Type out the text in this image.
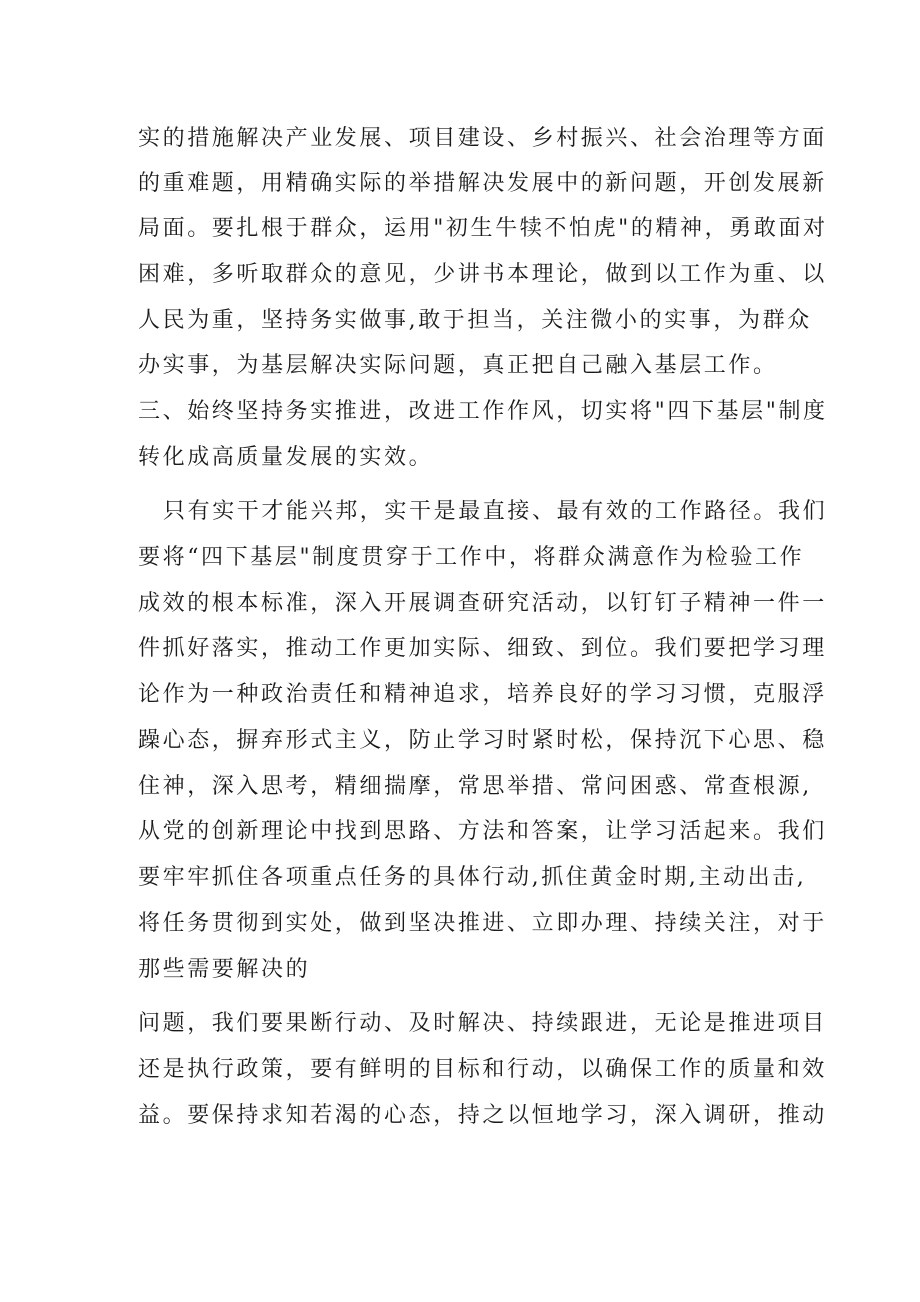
实的措施解决产业发展、项目建设、乡村振兴、社会治理等方面
的重难题，用精确实际的举措解决发展中的新问题，开创发展新
局面。要扎根于群众，运用"初生牛犊不怕虎"的精神，勇敢面对
困难，多听取群众的意见，少讲书本理论，做到以工作为重、以
人民为重，坚持务实做事,敢于担当，关注微小的实事，为群众
办实事，为基层解决实际问题，真正把自己融入基层工作。
三、始终坚持务实推进，改进工作作风，切实将"四下基层"制度
转化成高质量发展的实效。
只有实干才能兴邦，实干是最直接、最有效的工作路径。我们
要将“四下基层"制度贯穿于工作中，将群众满意作为检验工作
成效的根本标准，深入开展调查研究活动，以钉钉子精神一件一
件抓好落实，推动工作更加实际、细致、到位。我们要把学习理
论作为一种政治责任和精神追求，培养良好的学习习惯，克服浮
躁心态，摒弃形式主义，防止学习时紧时松，保持沉下心思、稳
住神，深入思考，精细揣摩，常思举措、常问困惑、常查根源,
从党的创新理论中找到思路、方法和答案，让学习活起来。我们
要牢牢抓住各项重点任务的具体行动,抓住黄金时期,主动出击,
将任务贯彻到实处，做到坚决推进、立即办理、持续关注，对于
那些需要解决的
问题，我们要果断行动、及时解决、持续跟进，无论是推进项目
还是执行政策，要有鲜明的目标和行动，以确保工作的质量和效
益。要保持求知若渴的心态，持之以恒地学习，深入调研，推动
